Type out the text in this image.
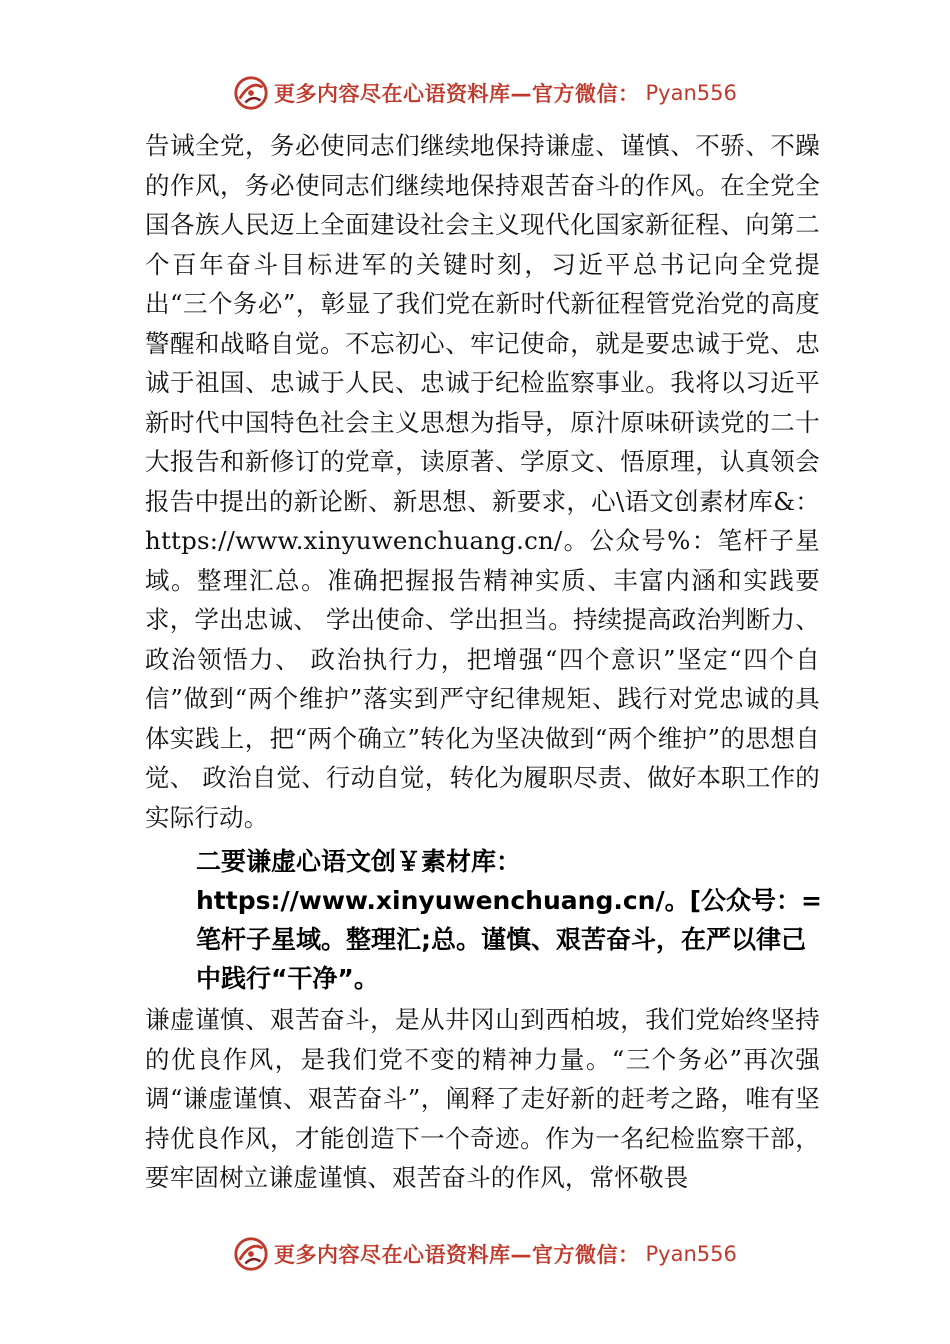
更多内容尽在心语资料库—官方微信： Pyan556

告诫全党，务必使同志们继续地保持谦虚、谨慎、不骄、不躁的作风，务必使同志们继续地保持艰苦奋斗的作风。在全党全国各族人民迈上全面建设社会主义现代化国家新征程、向第二个百年奋斗目标进军的关键时刻，习近平总书记向全党提出“三个务必”，彰显了我们党在新时代新征程管党治党的高度警醒和战略自觉。不忘初心、牢记使命，就是要忠诚于党、忠诚于祖国、忠诚于人民、忠诚于纪检监察事业。我将以习近平新时代中国特色社会主义思想为指导，原汁原味研读党的二十大报告和新修订的党章，读原著、学原文、悟原理，认真领会报告中提出的新论断、新思想、新要求，心\语文创素材库&：https://www.xinyuwenchuang.cn/。公众号%：笔杆子星域。整理汇总。准确把握报告精神实质、丰富内涵和实践要求，学出忠诚、 学出使命、学出担当。持续提高政治判断力、政治领悟力、 政治执行力，把增强“四个意识”坚定“四个自信”做到“两个维护”落实到严守纪律规矩、践行对党忠诚的具体实践上，把“两个确立”转化为坚决做到“两个维护”的思想自觉、 政治自觉、行动自觉，转化为履职尽责、做好本职工作的实际行动。

二要谦虚心语文创￥素材库：https://www.xinyuwenchuang.cn/。[公众号：=笔杆子星域。整理汇;总。谨慎、艰苦奋斗，在严以律己中践行“干净”。

谦虚谨慎、艰苦奋斗，是从井冈山到西柏坡，我们党始终坚持的优良作风，是我们党不变的精神力量。“三个务必”再次强调“谦虚谨慎、艰苦奋斗”，阐释了走好新的赶考之路，唯有坚持优良作风，才能创造下一个奇迹。作为一名纪检监察干部，要牢固树立谦虚谨慎、艰苦奋斗的作风，常怀敬畏

更多内容尽在心语资料库—官方微信： Pyan556
